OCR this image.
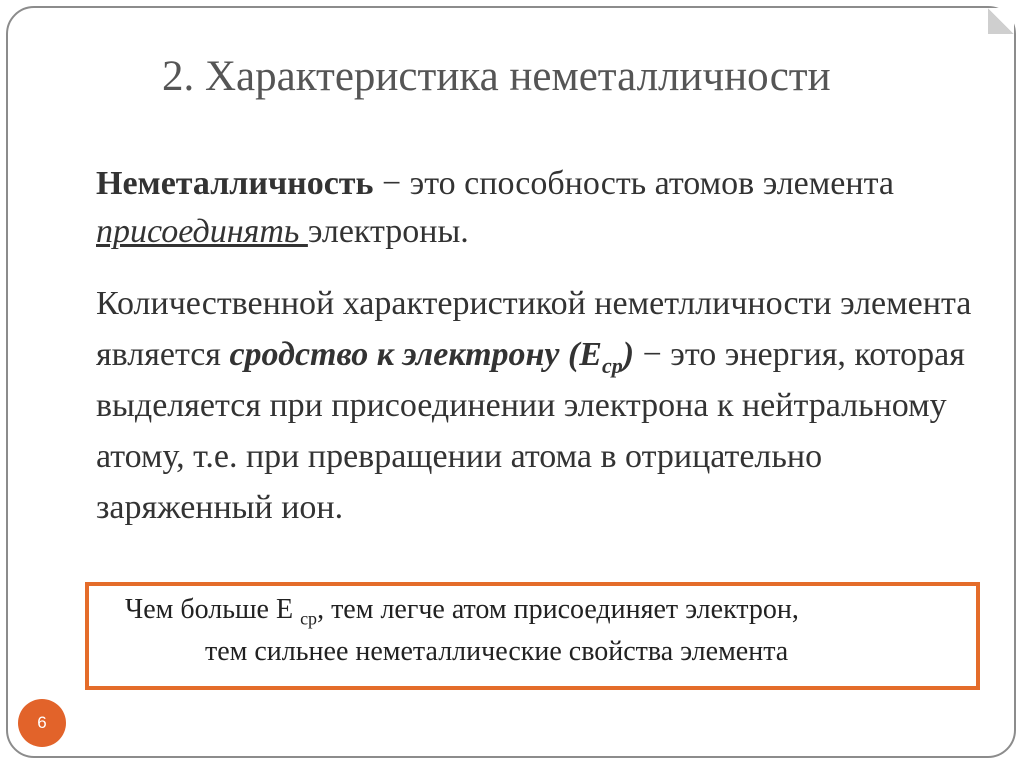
2. Характеристика неметалличности
Неметалличность − это способность атомов элемента присоединять электроны.
Количественной характеристикой неметлличности элемента является сродство к электрону $(E_{ср})$ − это энергия, которая выделяется при присоединении электрона к нейтральному атому, т.е. при превращении атома в отрицательно заряженный ион.
Чем больше Е $_{ср}$, тем легче атом присоединяет электрон,
тем сильнее неметаллические свойства элемента
6
